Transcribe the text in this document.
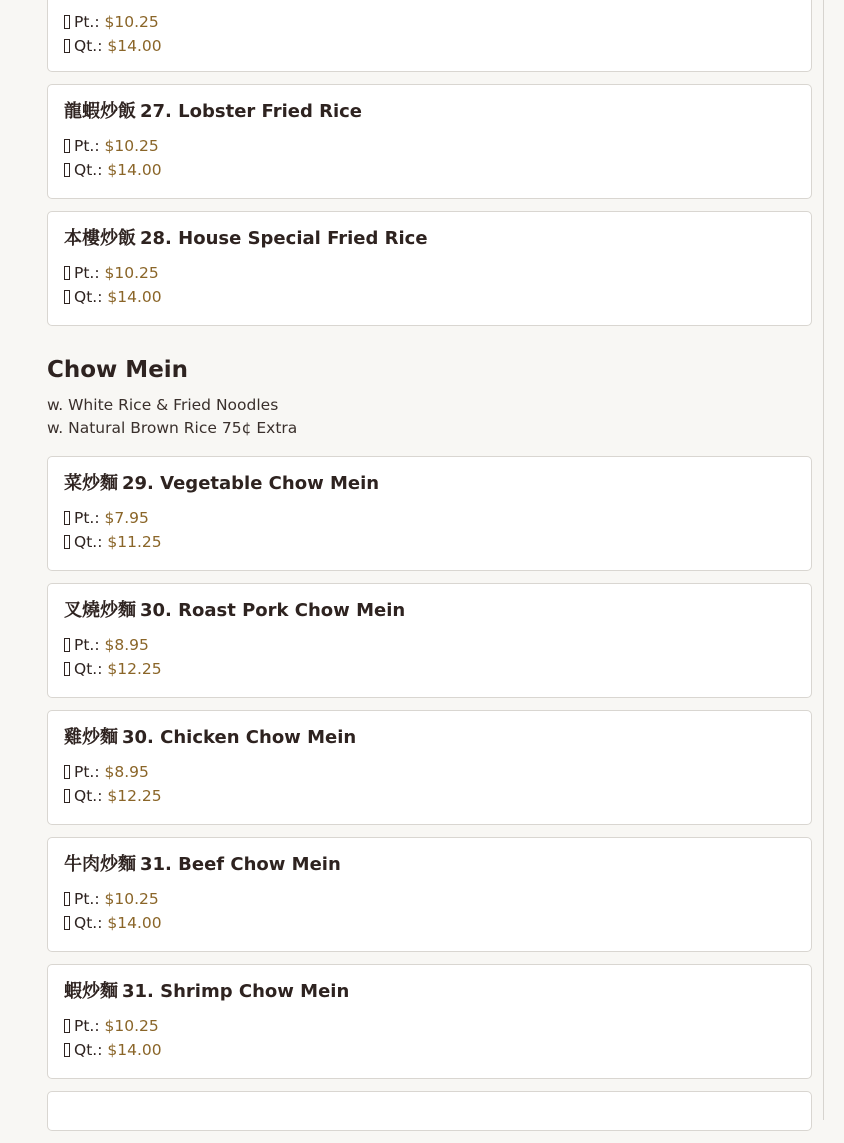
Pt.: $10.25
Qt.: $14.00
龍蝦炒飯 27. Lobster Fried Rice
Pt.: $10.25
Qt.: $14.00
本樓炒飯 28. House Special Fried Rice
Pt.: $10.25
Qt.: $14.00
Chow Mein
w. White Rice & Fried Noodles
w. Natural Brown Rice 75¢ Extra
菜炒麵 29. Vegetable Chow Mein
Pt.: $7.95
Qt.: $11.25
叉燒炒麵 30. Roast Pork Chow Mein
Pt.: $8.95
Qt.: $12.25
雞炒麵 30. Chicken Chow Mein
Pt.: $8.95
Qt.: $12.25
牛肉炒麵 31. Beef Chow Mein
Pt.: $10.25
Qt.: $14.00
蝦炒麵 31. Shrimp Chow Mein
Pt.: $10.25
Qt.: $14.00
